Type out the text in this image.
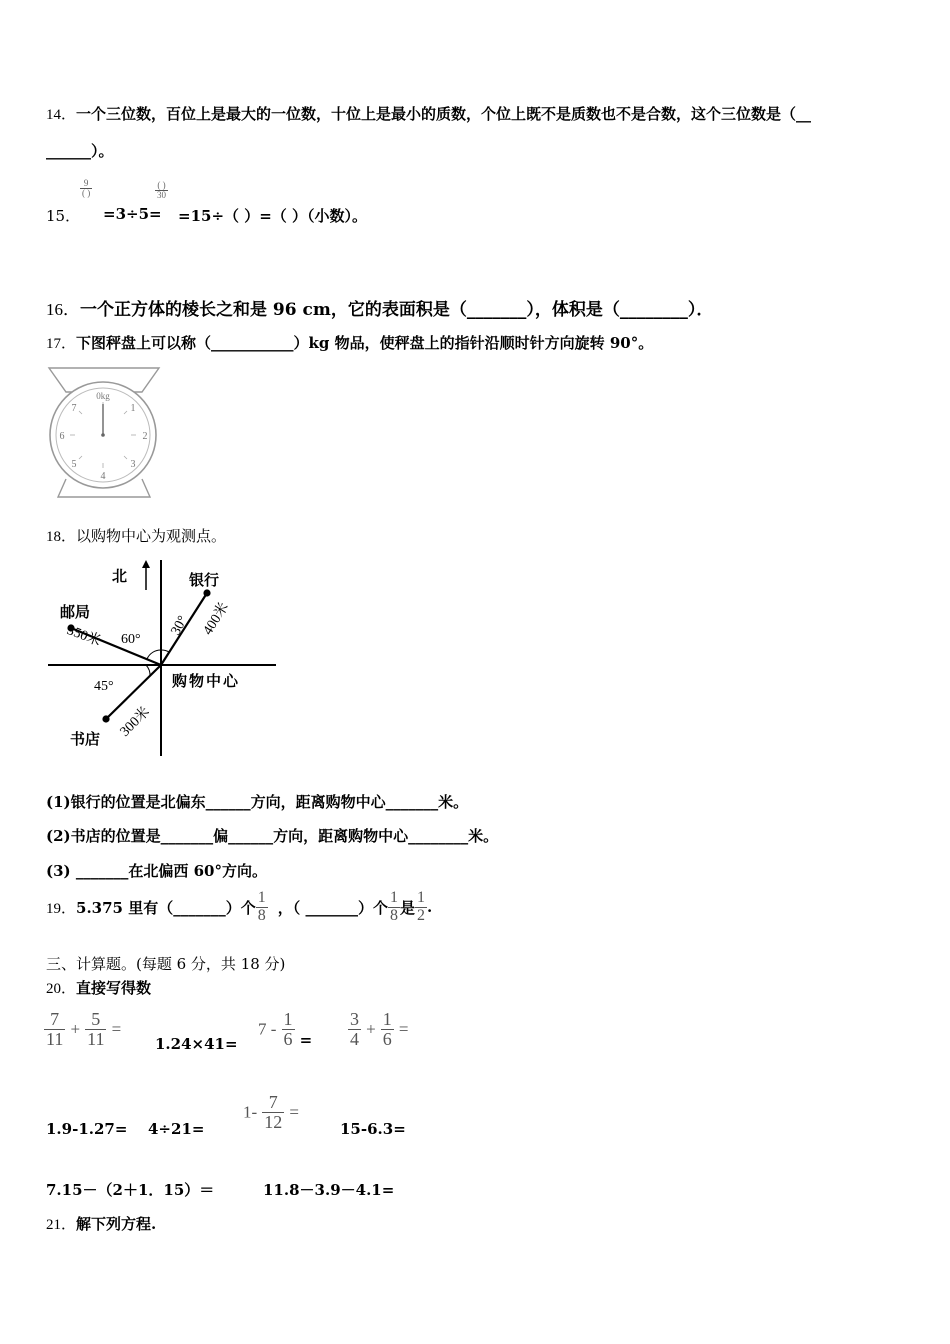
14．一个三位数，百位上是最大的一位数，十位上是最小的质数，个位上既不是质数也不是合数，这个三位数是（__
______）。
15．
$\frac{9}{( )}$
=3÷5=
$\frac{( )}{30}$
=15÷（ ）=（ ）（小数）。
16．一个正方体的棱长之和是 96 cm，它的表面积是（_______），体积是（________）．
17．下图秤盘上可以称（___________）kg 物品，使秤盘上的指针沿顺时针方向旋转 90°。
0kg
1
2
3
4
5
6
7
18．以购物中心为观测点。
北	银行
邮局
书店
购物中心
30°
60°
45°
400米
350米
300米
(1)银行的位置是北偏东______方向，距离购物中心_______米。
(2)书店的位置是_______偏______方向，距离购物中心________米。
(3) _______在北偏西 60°方向。
19． 5.375 里有（_______）个 $\frac{1}{8}$ ，（ _______）个 $\frac{1}{8}$ 是 $\frac{1}{2}$ .
三、计算题。(每题 6 分，共 18 分)
20．直接写得数
$\frac{7}{11} + \frac{5}{11}$ =
1.24×41=
$7 - \frac{1}{6} = \frac{3}{4} + \frac{1}{6}$ =
1.9-1.27= 4÷21=
$1- \frac{7}{12}$ =
15-6.3=
7.15－（2＋1．15）＝	11.8－3.9－4.1=
21．解下列方程.
